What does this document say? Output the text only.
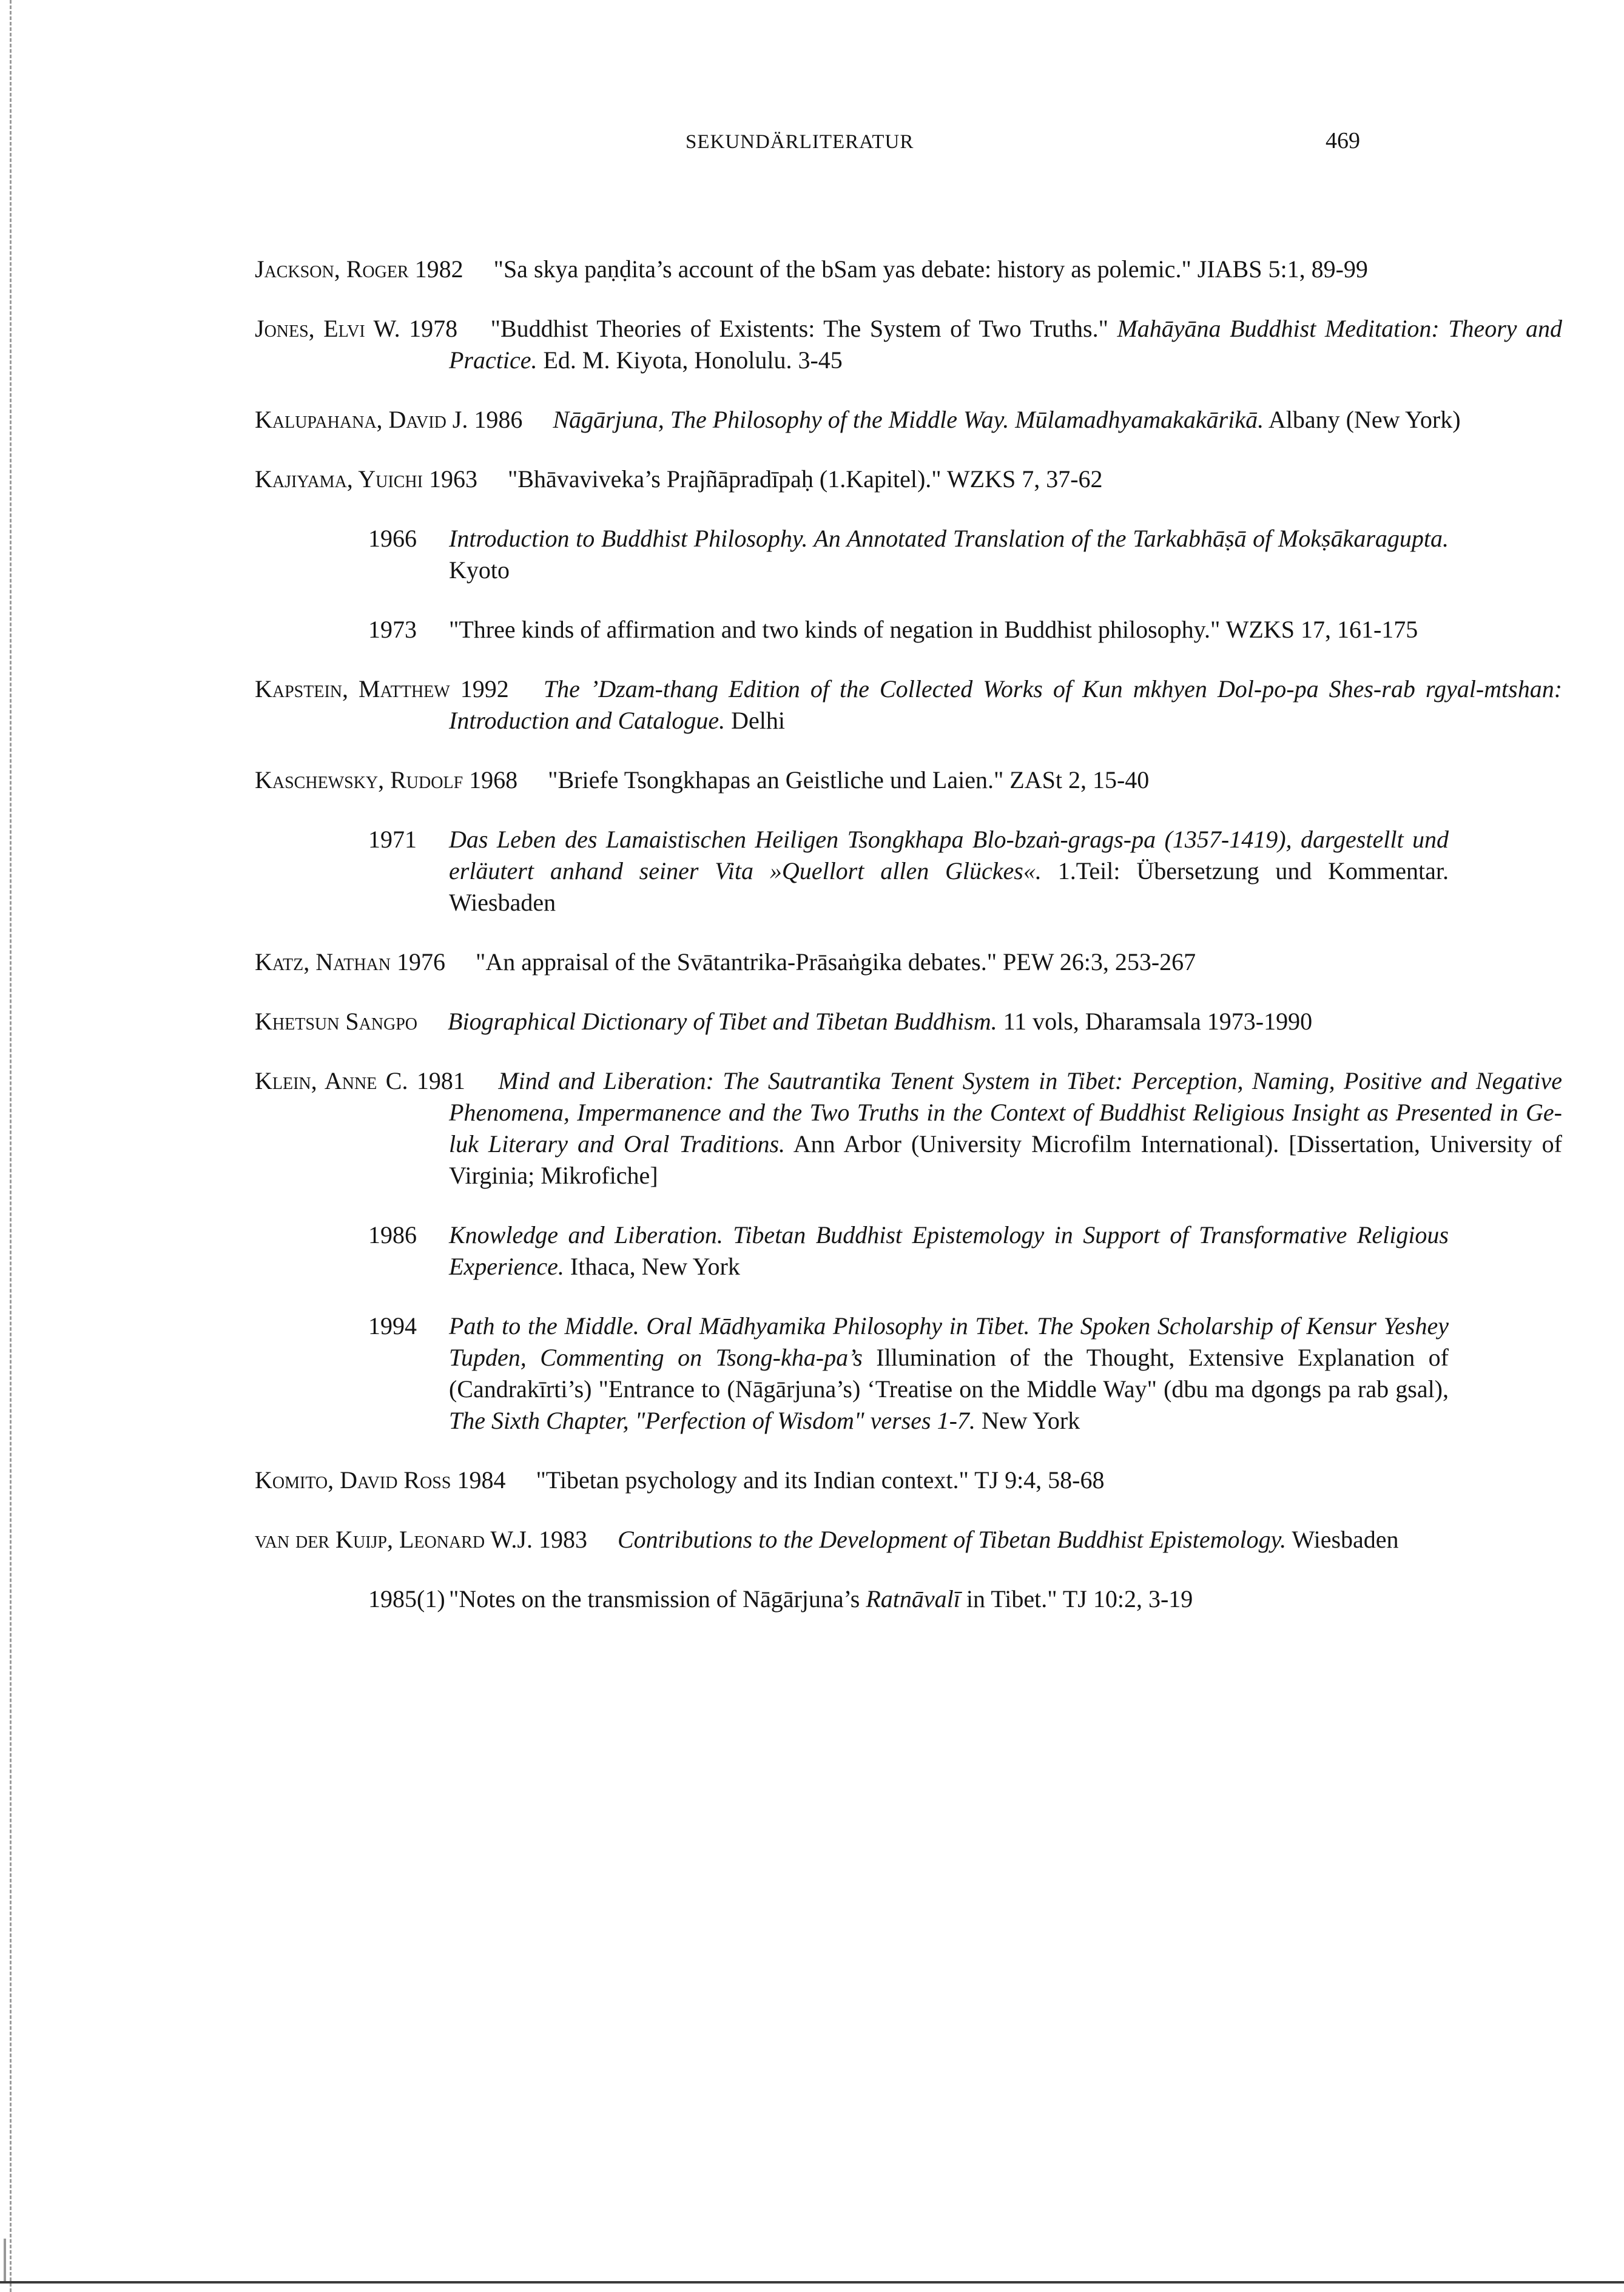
SEKUNDÄRLITERATUR	469
Jackson, Roger 1982 "Sa skya paṇḍita’s account of the bSam yas debate: history as polemic." JIABS 5:1, 89-99
Jones, Elvi W. 1978 "Buddhist Theories of Existents: The System of Two Truths." Mahāyāna Buddhist Meditation: Theory and Practice. Ed. M. Kiyota, Honolulu. 3-45
Kalupahana, David J. 1986 Nāgārjuna, The Philosophy of the Middle Way. Mūlamadhyamakakārikā. Albany (New York)
Kajiyama, Yuichi 1963 "Bhāvaviveka’s Prajñāpradīpaḥ (1.Kapitel)." WZKS 7, 37-62
1966 Introduction to Buddhist Philosophy. An Annotated Translation of the Tarkabhāṣā of Mokṣākaragupta. Kyoto
1973 "Three kinds of affirmation and two kinds of negation in Buddhist philosophy." WZKS 17, 161-175
Kapstein, Matthew 1992 The ’Dzam-thang Edition of the Collected Works of Kun mkhyen Dol-po-pa Shes-rab rgyal-mtshan: Introduction and Catalogue. Delhi
Kaschewsky, Rudolf 1968 "Briefe Tsongkhapas an Geistliche und Laien." ZASt 2, 15-40
1971 Das Leben des Lamaistischen Heiligen Tsongkhapa Blo-bzaṅ-grags-pa (1357-1419), dargestellt und erläutert anhand seiner Vita »Quellort allen Glückes«. 1.Teil: Übersetzung und Kommentar. Wiesbaden
Katz, Nathan 1976 "An appraisal of the Svātantrika-Prāsaṅgika debates." PEW 26:3, 253-267
Khetsun Sangpo Biographical Dictionary of Tibet and Tibetan Buddhism. 11 vols, Dharamsala 1973-1990
Klein, Anne C. 1981 Mind and Liberation: The Sautrantika Tenent System in Tibet: Perception, Naming, Positive and Negative Phenomena, Impermanence and the Two Truths in the Context of Buddhist Religious Insight as Presented in Ge-luk Literary and Oral Traditions. Ann Arbor (University Microfilm International). [Dissertation, University of Virginia; Mikrofiche]
1986 Knowledge and Liberation. Tibetan Buddhist Epistemology in Support of Transformative Religious Experience. Ithaca, New York
1994 Path to the Middle. Oral Mādhyamika Philosophy in Tibet. The Spoken Scholarship of Kensur Yeshey Tupden, Commenting on Tsong-kha-pa’s Illumination of the Thought, Extensive Explanation of (Candrakīrti’s) "Entrance to (Nāgārjuna’s) ‘Treatise on the Middle Way" (dbu ma dgongs pa rab gsal), The Sixth Chapter, "Perfection of Wisdom" verses 1-7. New York
Komito, David Ross 1984 "Tibetan psychology and its Indian context." TJ 9:4, 58-68
van der Kuijp, Leonard W.J. 1983 Contributions to the Development of Tibetan Buddhist Epistemology. Wiesbaden
1985(1) "Notes on the transmission of Nāgārjuna’s Ratnāvalī in Tibet." TJ 10:2, 3-19
